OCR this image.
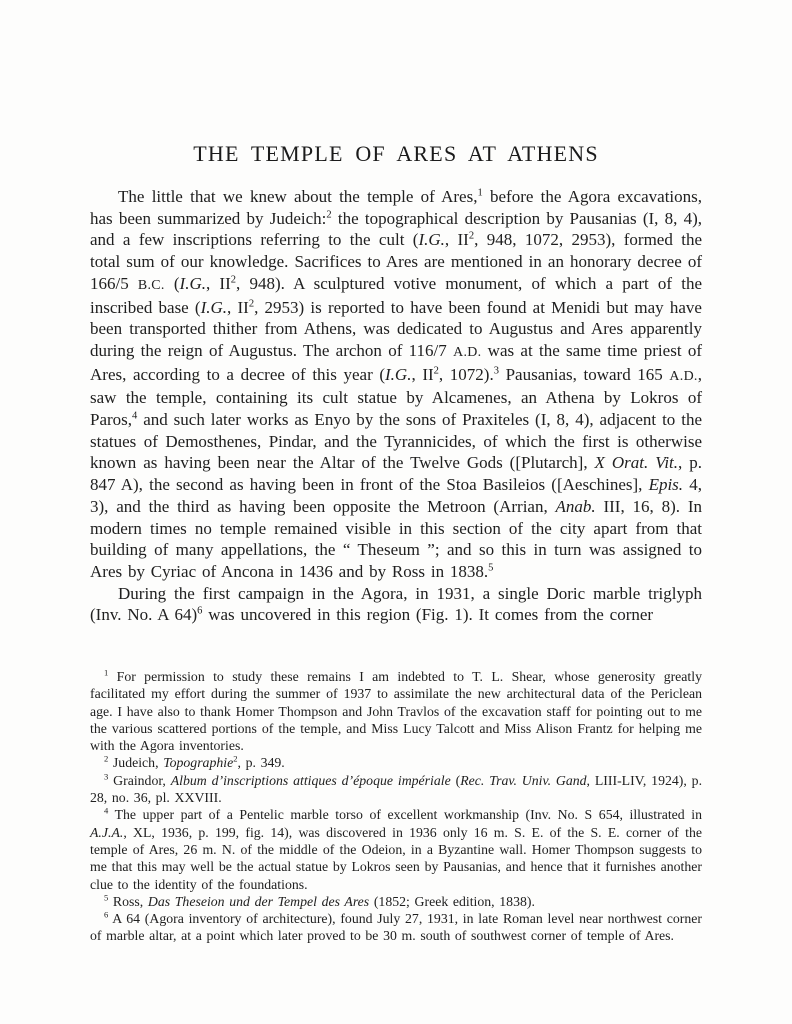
THE TEMPLE OF ARES AT ATHENS

The little that we knew about the temple of Ares,$^1$ before the Agora excavations, has been summarized by Judeich:$^2$ the topographical description by Pausanias (I, 8, 4), and a few inscriptions referring to the cult (I.G., $II^2$, 948, 1072, 2953), formed the total sum of our knowledge. Sacrifices to Ares are mentioned in an honorary decree of 166/5 B.C. (I.G., $II^2$, 948). A sculptured votive monument, of which a part of the inscribed base (I.G., $II^2$, 2953) is reported to have been found at Menidi but may have been transported thither from Athens, was dedicated to Augustus and Ares apparently during the reign of Augustus. The archon of 116/7 A.D. was at the same time priest of Ares, according to a decree of this year (I.G., $II^2$, 1072).$^3$ Pausanias, toward 165 A.D., saw the temple, containing its cult statue by Alcamenes, an Athena by Lokros of Paros,$^4$ and such later works as Enyo by the sons of Praxiteles (I, 8, 4), adjacent to the statues of Demosthenes, Pindar, and the Tyrannicides, of which the first is otherwise known as having been near the Altar of the Twelve Gods ([Plutarch], X Orat. Vit., p. 847 A), the second as having been in front of the Stoa Basileios ([Aeschines], Epis. 4, 3), and the third as having been opposite the Metroon (Arrian, Anab. III, 16, 8). In modern times no temple remained visible in this section of the city apart from that building of many appellations, the “ Theseum ”; and so this in turn was assigned to Ares by Cyriac of Ancona in 1436 and by Ross in 1838.$^5$

During the first campaign in the Agora, in 1931, a single Doric marble triglyph (Inv. No. A 64)$^6$ was uncovered in this region (Fig. 1). It comes from the corner

$^1$ For permission to study these remains I am indebted to T. L. Shear, whose generosity greatly facilitated my effort during the summer of 1937 to assimilate the new architectural data of the Periclean age. I have also to thank Homer Thompson and John Travlos of the excavation staff for pointing out to me the various scattered portions of the temple, and Miss Lucy Talcott and Miss Alison Frantz for helping me with the Agora inventories.

$^2$ Judeich, Topographie$^2$, p. 349.

$^3$ Graindor, Album d’inscriptions attiques d’époque impériale (Rec. Trav. Univ. Gand, LIII-LIV, 1924), p. 28, no. 36, pl. XXVIII.

$^4$ The upper part of a Pentelic marble torso of excellent workmanship (Inv. No. S 654, illustrated in A.J.A., XL, 1936, p. 199, fig. 14), was discovered in 1936 only 16 m. S. E. of the S. E. corner of the temple of Ares, 26 m. N. of the middle of the Odeion, in a Byzantine wall. Homer Thompson suggests to me that this may well be the actual statue by Lokros seen by Pausanias, and hence that it furnishes another clue to the identity of the foundations.

$^5$ Ross, Das Theseion und der Tempel des Ares (1852; Greek edition, 1838).

$^6$ A 64 (Agora inventory of architecture), found July 27, 1931, in late Roman level near northwest corner of marble altar, at a point which later proved to be 30 m. south of southwest corner of temple of Ares.
